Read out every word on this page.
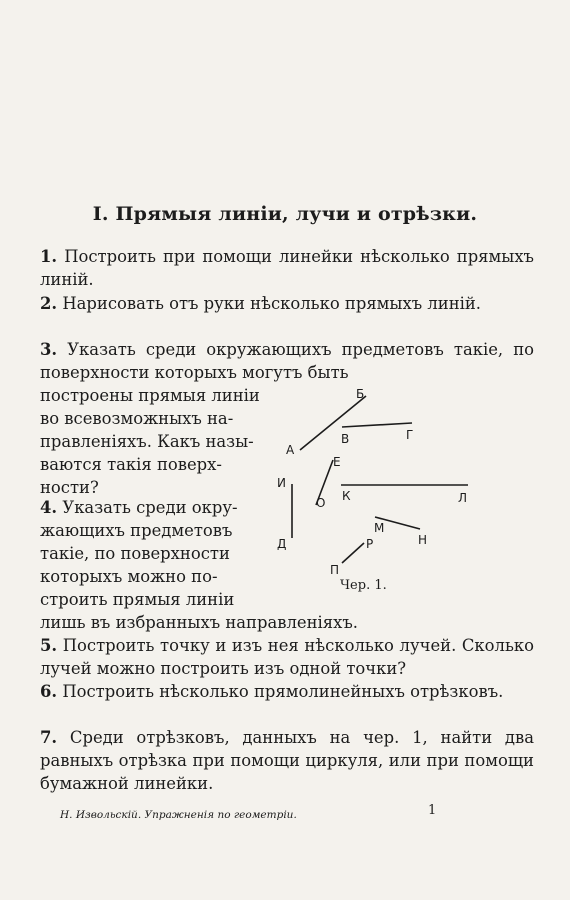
I. Прямыя линіи, лучи и отрѣзки.
1. Построить при помощи линейки нѣсколько прямыхъ линій.
2. Нарисовать отъ руки нѣсколько прямыхъ линій.
3. Указать среди окружающихъ предметовъ такіе, по поверхности которыхъ могутъ быть
построены прямыя линіи
во всевозможныхъ на-
правленіяхъ. Какъ назы-
ваются такія поверх-
ности?
4. Указать среди окру-
жающихъ предметовъ
такіе, по поверхности
которыхъ можно по-
строить прямыя линіи
лишь въ избранныхъ направленіяхъ.
5. Построить точку и изъ нея нѣсколько лучей. Сколько лучей можно построить изъ одной точки?
6. Построить нѣсколько прямолинейныхъ отрѣзковъ.
7. Среди отрѣзковъ, данныхъ на чер. 1, найти два равныхъ отрѣзка при помощи циркуля, или при помощи бумажной линейки.
Б
А
В	Г
Е
И
О К	Л
М
Н
Р
Д
П
Чер. 1.
Н. Извольскій. Упражненія по геометріи.	1
